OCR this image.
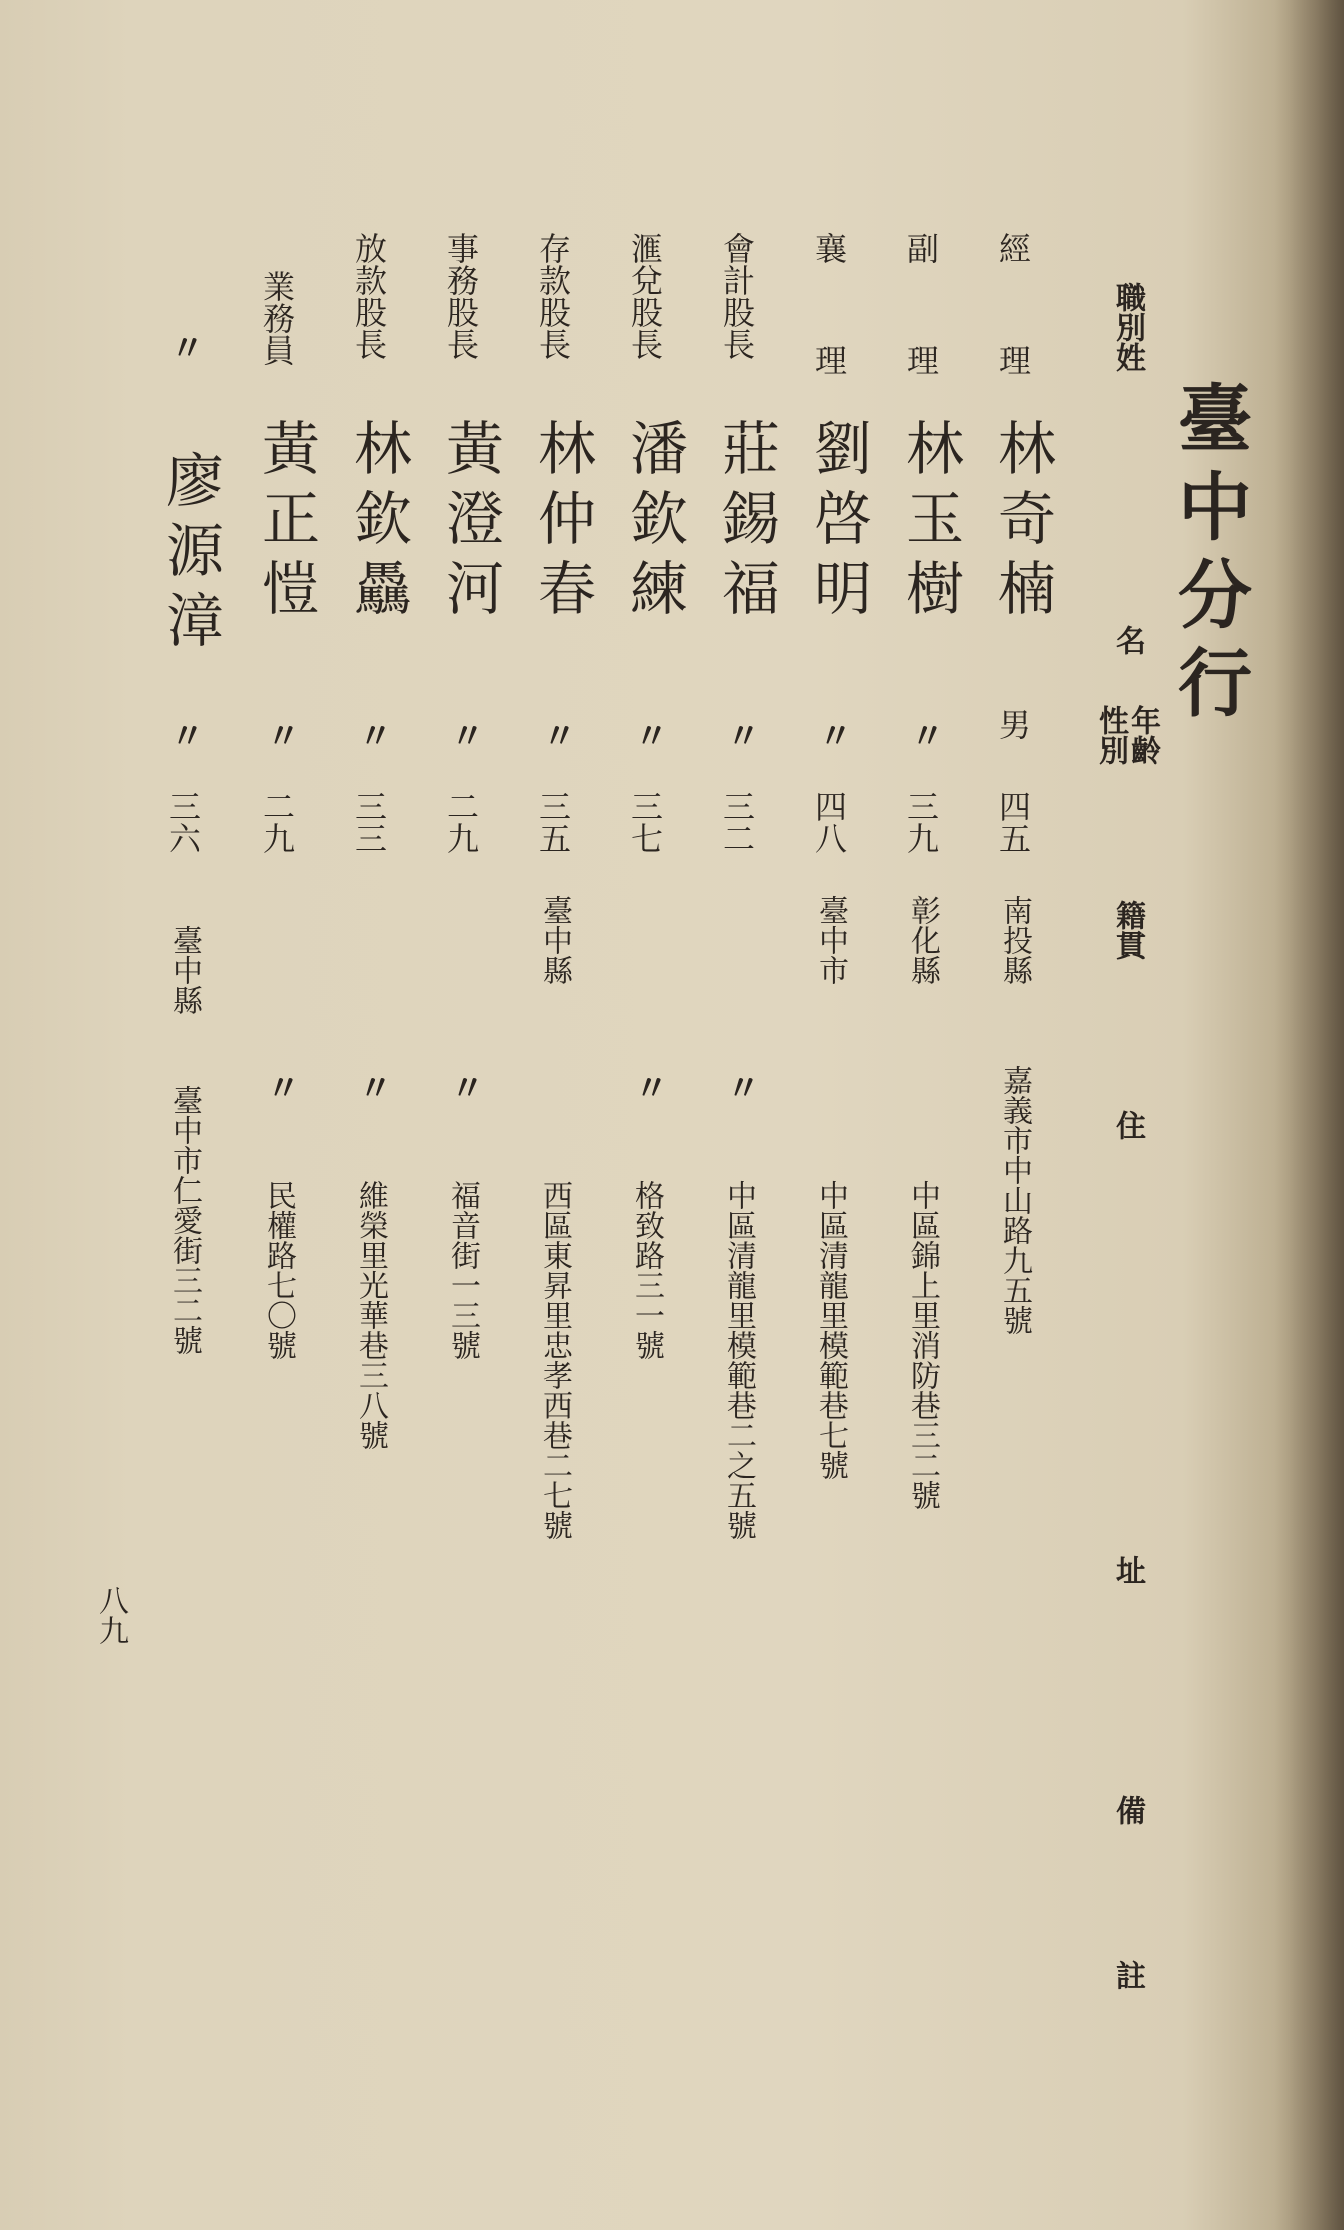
臺中分行
職別姓
名
性別
年齡
籍貫
住
址
備
註
經　理
林奇楠
男
四五
南投縣
嘉義市中山路九五號
副　理
林玉樹
〃
三九
彰化縣
中區錦上里消防巷三二號
襄　理
劉啓明
〃
四八
臺中市
中區清龍里模範巷七號
會計股長
莊錫福
〃
三二
〃
中區清龍里模範巷二之五號
滙兌股長
潘欽練
〃
三七
〃
格致路三一號
存款股長
林仲春
〃
三五
臺中縣
西區東昇里忠孝西巷二七號
事務股長
黃澄河
〃
二九
〃
福音街一三號
放款股長
林欽驫
〃
三三
〃
維榮里光華巷三八號
業務員
黃正愷
〃
二九
〃
民權路七〇號
〃
廖源漳
〃
三六
臺中縣
臺中市仁愛街三二號
八九
